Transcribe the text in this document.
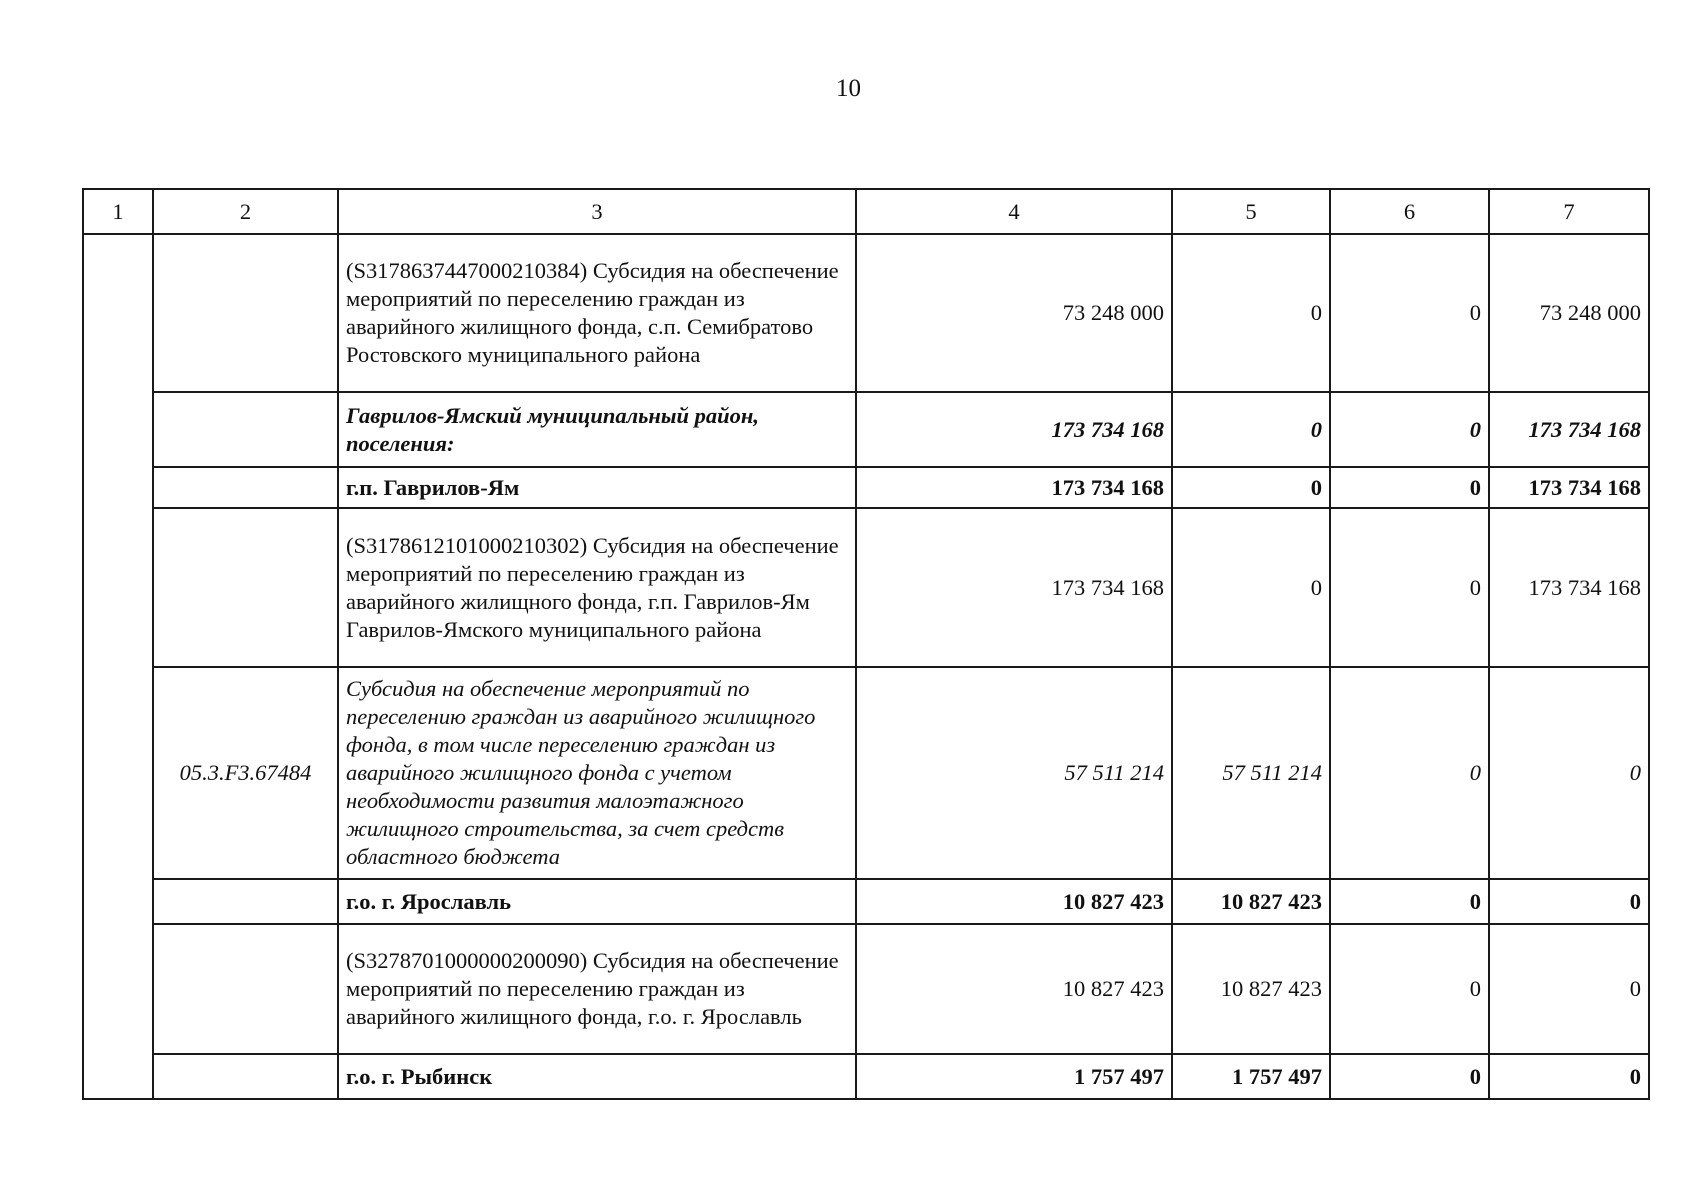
10
1	2	3	4	5	6	7
		(S3178637447000210384) Субсидия на обеспечение мероприятий по переселению граждан из аварийного жилищного фонда, с.п. Семибратово Ростовского муниципального района	73 248 000	0	0	73 248 000
		Гаврилов-Ямский муниципальный район, поселения:	173 734 168	0	0	173 734 168
		г.п. Гаврилов-Ям	173 734 168	0	0	173 734 168
		(S3178612101000210302) Субсидия на обеспечение мероприятий по переселению граждан из аварийного жилищного фонда, г.п. Гаврилов-Ям Гаврилов-Ямского муниципального района	173 734 168	0	0	173 734 168
	05.3.F3.67484	Субсидия на обеспечение мероприятий по переселению граждан из аварийного жилищного фонда, в том числе переселению граждан из аварийного жилищного фонда с учетом необходимости развития малоэтажного жилищного строительства, за счет средств областного бюджета	57 511 214	57 511 214	0	0
		г.о. г. Ярославль	10 827 423	10 827 423	0	0
		(S3278701000000200090) Субсидия на обеспечение мероприятий по переселению граждан из аварийного жилищного фонда, г.о. г. Ярославль	10 827 423	10 827 423	0	0
		г.о. г. Рыбинск	1 757 497	1 757 497	0	0
